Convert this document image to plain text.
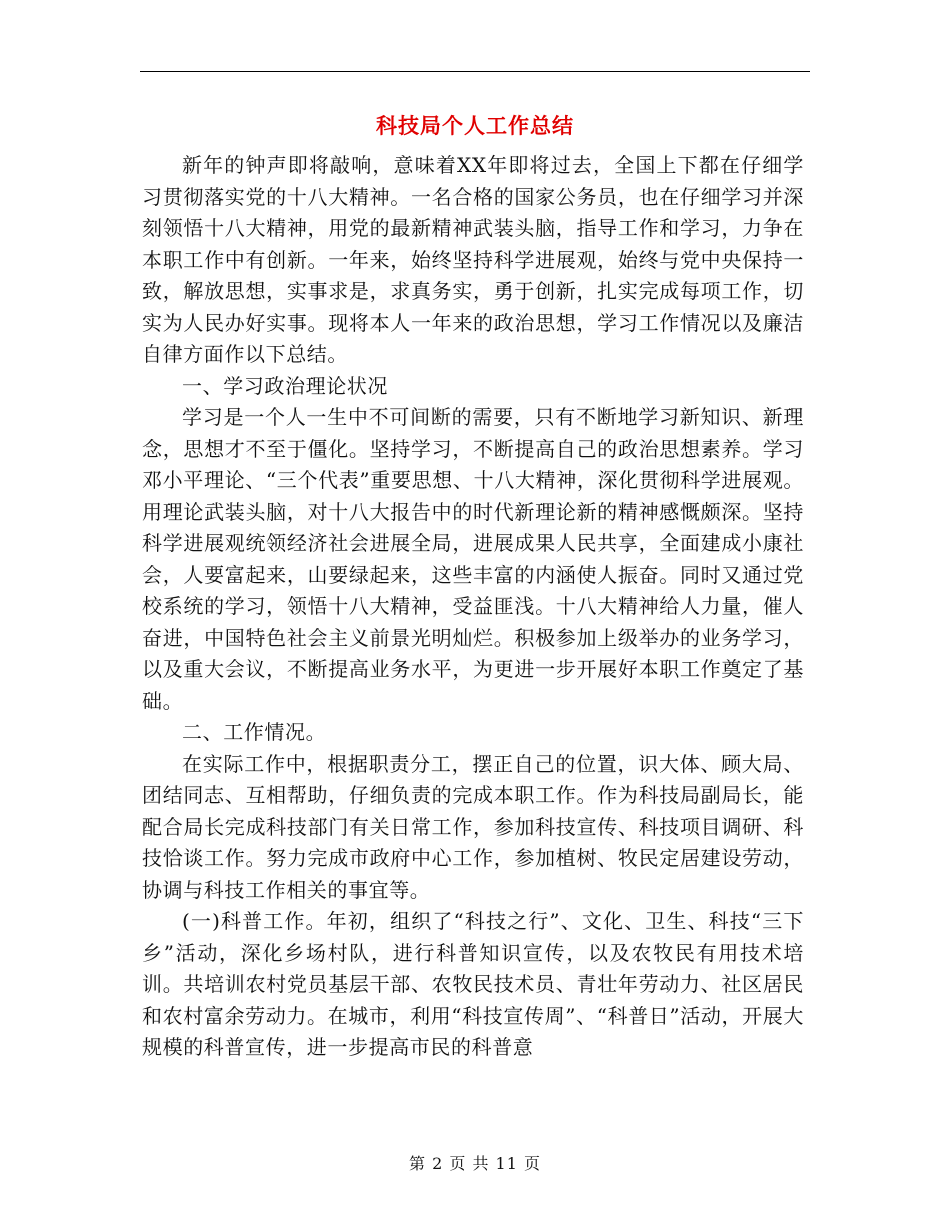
科技局个人工作总结

新年的钟声即将敲响，意味着XX年即将过去，全国上下都在仔细学习贯彻落实党的十八大精神。一名合格的国家公务员，也在仔细学习并深刻领悟十八大精神，用党的最新精神武装头脑，指导工作和学习，力争在本职工作中有创新。一年来，始终坚持科学进展观，始终与党中央保持一致，解放思想，实事求是，求真务实，勇于创新，扎实完成每项工作，切实为人民办好实事。现将本人一年来的政治思想，学习工作情况以及廉洁自律方面作以下总结。

一、学习政治理论状况

学习是一个人一生中不可间断的需要，只有不断地学习新知识、新理念，思想才不至于僵化。坚持学习，不断提高自己的政治思想素养。学习邓小平理论、“三个代表”重要思想、十八大精神，深化贯彻科学进展观。用理论武装头脑，对十八大报告中的时代新理论新的精神感慨颇深。坚持科学进展观统领经济社会进展全局，进展成果人民共享，全面建成小康社会，人要富起来，山要绿起来，这些丰富的内涵使人振奋。同时又通过党校系统的学习，领悟十八大精神，受益匪浅。十八大精神给人力量，催人奋进，中国特色社会主义前景光明灿烂。积极参加上级举办的业务学习，以及重大会议，不断提高业务水平，为更进一步开展好本职工作奠定了基础。

二、工作情况。

在实际工作中，根据职责分工，摆正自己的位置，识大体、顾大局、团结同志、互相帮助，仔细负责的完成本职工作。作为科技局副局长，能配合局长完成科技部门有关日常工作，参加科技宣传、科技项目调研、科技恰谈工作。努力完成市政府中心工作，参加植树、牧民定居建设劳动，协调与科技工作相关的事宜等。

(一)科普工作。年初，组织了“科技之行”、文化、卫生、科技“三下乡”活动，深化乡场村队，进行科普知识宣传，以及农牧民有用技术培训。共培训农村党员基层干部、农牧民技术员、青壮年劳动力、社区居民和农村富余劳动力。在城市，利用“科技宣传周”、“科普日”活动，开展大规模的科普宣传，进一步提高市民的科普意

第 2 页 共 11 页
